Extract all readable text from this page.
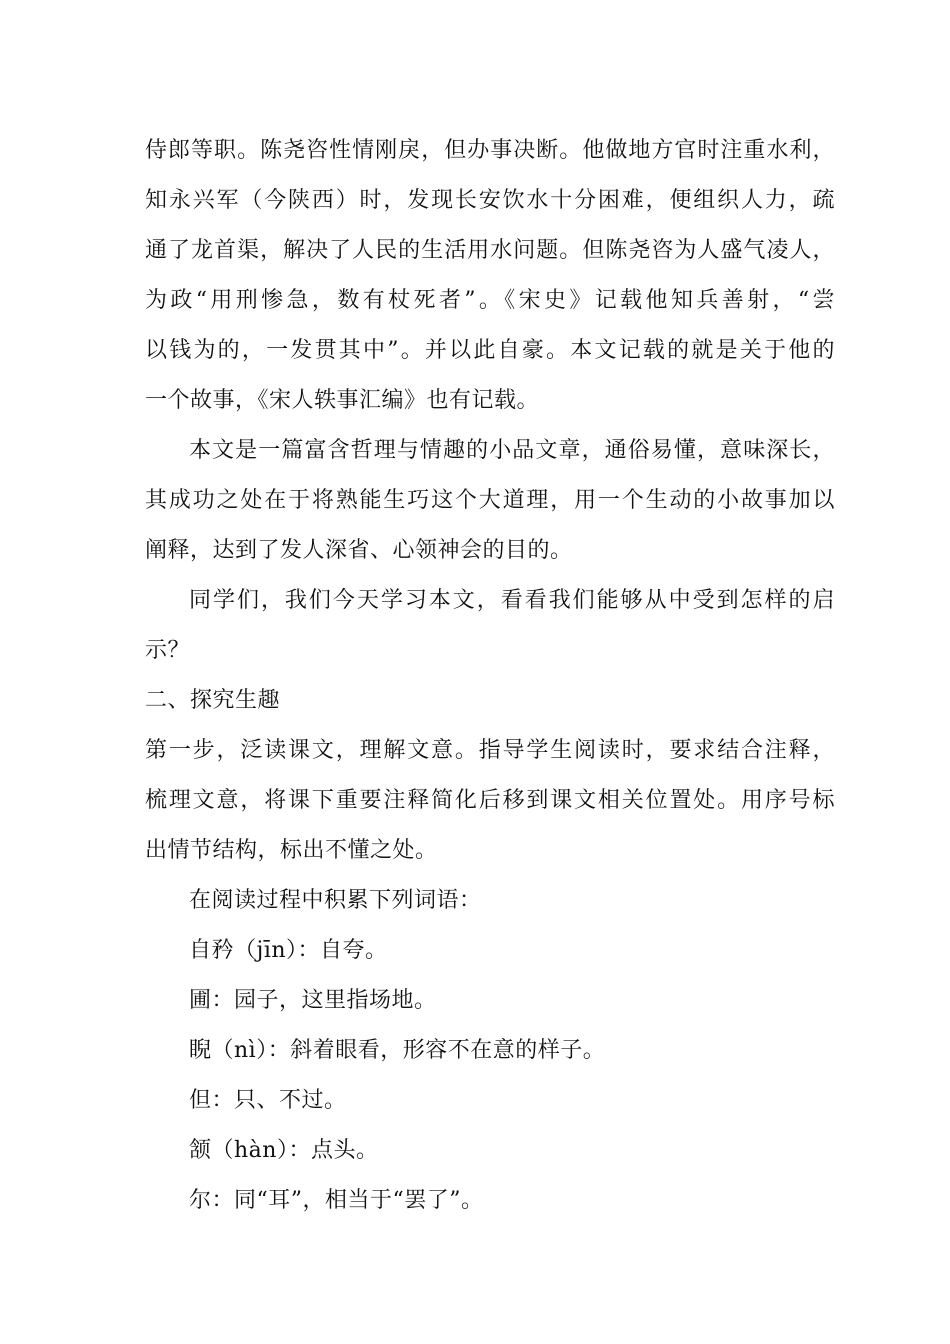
侍郎等职。陈尧咨性情刚戾，但办事决断。他做地方官时注重水利，
知永兴军（今陕西）时，发现长安饮水十分困难，便组织人力，疏
通了龙首渠，解决了人民的生活用水问题。但陈尧咨为人盛气凌人，
为政“用刑惨急，数有杖死者”。《宋史》记载他知兵善射，“尝
以钱为的，一发贯其中”。并以此自豪。本文记载的就是关于他的
一个故事，《宋人轶事汇编》也有记载。
本文是一篇富含哲理与情趣的小品文章，通俗易懂，意味深长，
其成功之处在于将熟能生巧这个大道理，用一个生动的小故事加以
阐释，达到了发人深省、心领神会的目的。
同学们，我们今天学习本文，看看我们能够从中受到怎样的启
示？
二、探究生趣
第一步，泛读课文，理解文意。指导学生阅读时，要求结合注释，
梳理文意，将课下重要注释简化后移到课文相关位置处。用序号标
出情节结构，标出不懂之处。
在阅读过程中积累下列词语：
自矜（jīn）：自夸。
圃：园子，这里指场地。
睨（nì）：斜着眼看，形容不在意的样子。
但：只、不过。
颔（hàn）：点头。
尔：同“耳”，相当于“罢了”。
